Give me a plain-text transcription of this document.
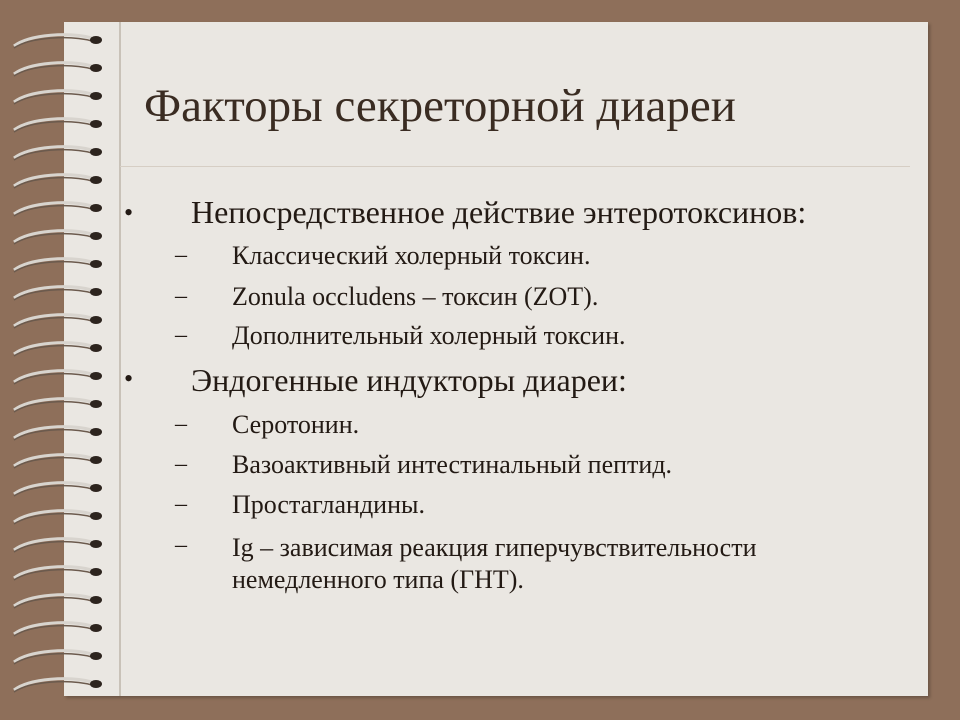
Факторы секреторной диареи
• Непосредственное действие энтеротоксинов:
– Классический холерный токсин.
– Zonula occludens – токсин (ZOT).
– Дополнительный холерный токсин.
• Эндогенные индукторы диареи:
– Серотонин.
– Вазоактивный интестинальный пептид.
– Простагландины.
– Ig – зависимая реакция гиперчувствительности немедленного типа (ГНТ).
